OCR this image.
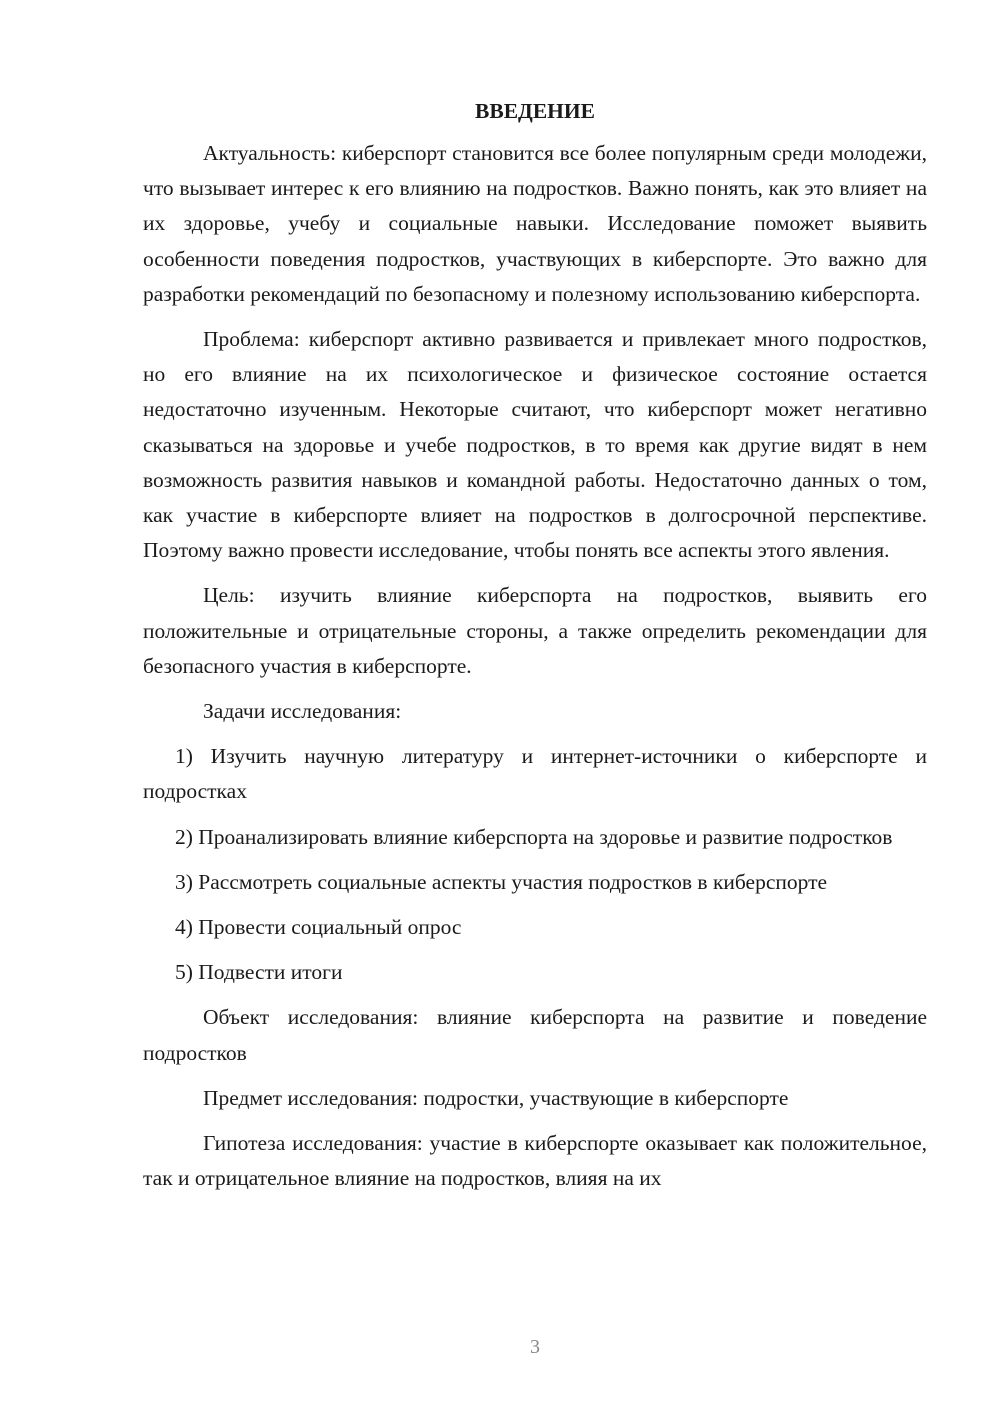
ВВЕДЕНИЕ

Актуальность: киберспорт становится все более популярным среди молодежи, что вызывает интерес к его влиянию на подростков. Важно понять, как это влияет на их здоровье, учебу и социальные навыки. Исследование поможет выявить особенности поведения подростков, участвующих в киберспорте. Это важно для разработки рекомендаций по безопасному и полезному использованию киберспорта.

Проблема: киберспорт активно развивается и привлекает много подростков, но его влияние на их психологическое и физическое состояние остается недостаточно изученным. Некоторые считают, что киберспорт может негативно сказываться на здоровье и учебе подростков, в то время как другие видят в нем возможность развития навыков и командной работы. Недостаточно данных о том, как участие в киберспорте влияет на подростков в долгосрочной перспективе. Поэтому важно провести исследование, чтобы понять все аспекты этого явления.

Цель: изучить влияние киберспорта на подростков, выявить его положительные и отрицательные стороны, а также определить рекомендации для безопасного участия в киберспорте.

Задачи исследования:

1) Изучить научную литературу и интернет-источники о киберспорте и подростках

2) Проанализировать влияние киберспорта на здоровье и развитие подростков

3) Рассмотреть социальные аспекты участия подростков в киберспорте

4) Провести социальный опрос

5) Подвести итоги

Объект исследования: влияние киберспорта на развитие и поведение подростков

Предмет исследования: подростки, участвующие в киберспорте

Гипотеза исследования: участие в киберспорте оказывает как положительное, так и отрицательное влияние на подростков, влияя на их

3
